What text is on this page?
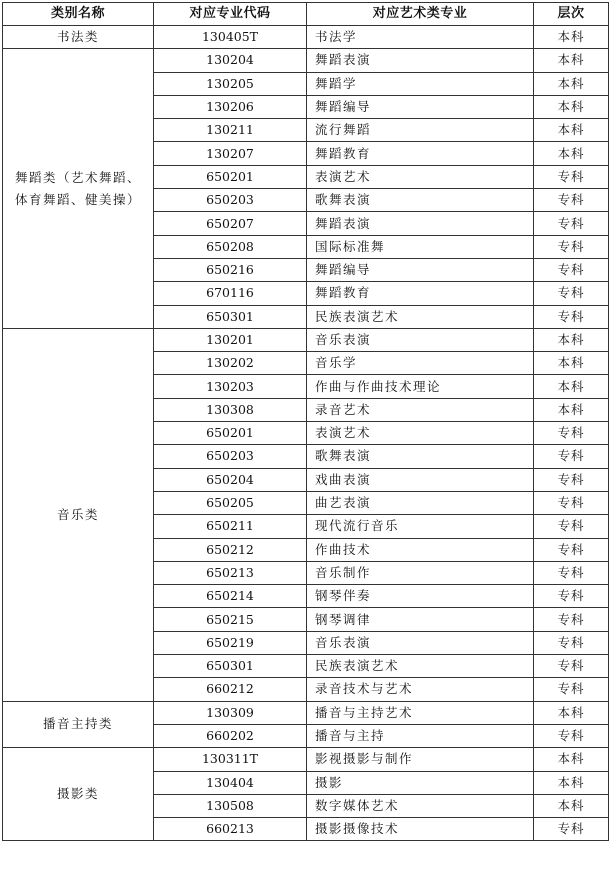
类别名称	对应专业代码	对应艺术类专业	层次
书法类	130405T	书法学	本科
舞蹈类（艺术舞蹈、体育舞蹈、健美操）	130204	舞蹈表演	本科
	130205	舞蹈学	本科
	130206	舞蹈编导	本科
	130211	流行舞蹈	本科
	130207	舞蹈教育	本科
	650201	表演艺术	专科
	650203	歌舞表演	专科
	650207	舞蹈表演	专科
	650208	国际标准舞	专科
	650216	舞蹈编导	专科
	670116	舞蹈教育	专科
	650301	民族表演艺术	专科
音乐类	130201	音乐表演	本科
	130202	音乐学	本科
	130203	作曲与作曲技术理论	本科
	130308	录音艺术	本科
	650201	表演艺术	专科
	650203	歌舞表演	专科
	650204	戏曲表演	专科
	650205	曲艺表演	专科
	650211	现代流行音乐	专科
	650212	作曲技术	专科
	650213	音乐制作	专科
	650214	钢琴伴奏	专科
	650215	钢琴调律	专科
	650219	音乐表演	专科
	650301	民族表演艺术	专科
	660212	录音技术与艺术	专科
播音主持类	130309	播音与主持艺术	本科
	660202	播音与主持	专科
摄影类	130311T	影视摄影与制作	本科
	130404	摄影	本科
	130508	数字媒体艺术	本科
	660213	摄影摄像技术	专科
